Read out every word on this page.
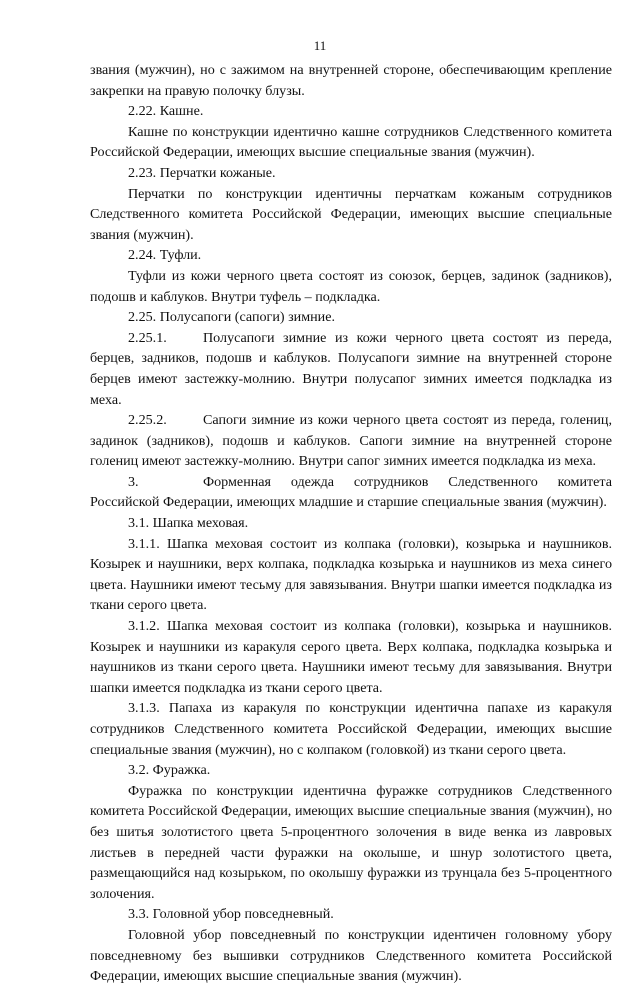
11

звания (мужчин), но с зажимом на внутренней стороне, обеспечивающим крепление закрепки на правую полочку блузы.

2.22. Кашне.

Кашне по конструкции идентично кашне сотрудников Следственного комитета Российской Федерации, имеющих высшие специальные звания (мужчин).

2.23. Перчатки кожаные.

Перчатки по конструкции идентичны перчаткам кожаным сотрудников Следственного комитета Российской Федерации, имеющих высшие специальные звания (мужчин).

2.24. Туфли.

Туфли из кожи черного цвета состоят из союзок, берцев, задинок (задников), подошв и каблуков. Внутри туфель – подкладка.

2.25. Полусапоги (сапоги) зимние.

2.25.1.	Полусапоги зимние из кожи черного цвета состоят из переда, берцев, задников, подошв и каблуков. Полусапоги зимние на внутренней стороне берцев имеют застежку-молнию. Внутри полусапог зимних имеется подкладка из меха.

2.25.2.	Сапоги зимние из кожи черного цвета состоят из переда, голениц, задинок (задников), подошв и каблуков. Сапоги зимние на внутренней стороне голениц имеют застежку-молнию. Внутри сапог зимних имеется подкладка из меха.

3.	Форменная одежда сотрудников Следственного комитета Российской Федерации, имеющих младшие и старшие специальные звания (мужчин).

3.1. Шапка меховая.

3.1.1. Шапка меховая состоит из колпака (головки), козырька и наушников. Козырек и наушники, верх колпака, подкладка козырька и наушников из меха синего цвета. Наушники имеют тесьму для завязывания. Внутри шапки имеется подкладка из ткани серого цвета.

3.1.2. Шапка меховая состоит из колпака (головки), козырька и наушников. Козырек и наушники из каракуля серого цвета. Верх колпака, подкладка козырька и наушников из ткани серого цвета. Наушники имеют тесьму для завязывания. Внутри шапки имеется подкладка из ткани серого цвета.

3.1.3. Папаха из каракуля по конструкции идентична папахе из каракуля сотрудников Следственного комитета Российской Федерации, имеющих высшие специальные звания (мужчин), но с колпаком (головкой) из ткани серого цвета.

3.2. Фуражка.

Фуражка по конструкции идентична фуражке сотрудников Следственного комитета Российской Федерации, имеющих высшие специальные звания (мужчин), но без шитья золотистого цвета 5-процентного золочения в виде венка из лавровых листьев в передней части фуражки на околыше, и шнур золотистого цвета, размещающийся над козырьком, по околышу фуражки из трунцала без 5-процентного золочения.

3.3. Головной убор повседневный.

Головной убор повседневный по конструкции идентичен головному убору повседневному без вышивки сотрудников Следственного комитета Российской Федерации, имеющих высшие специальные звания (мужчин).
